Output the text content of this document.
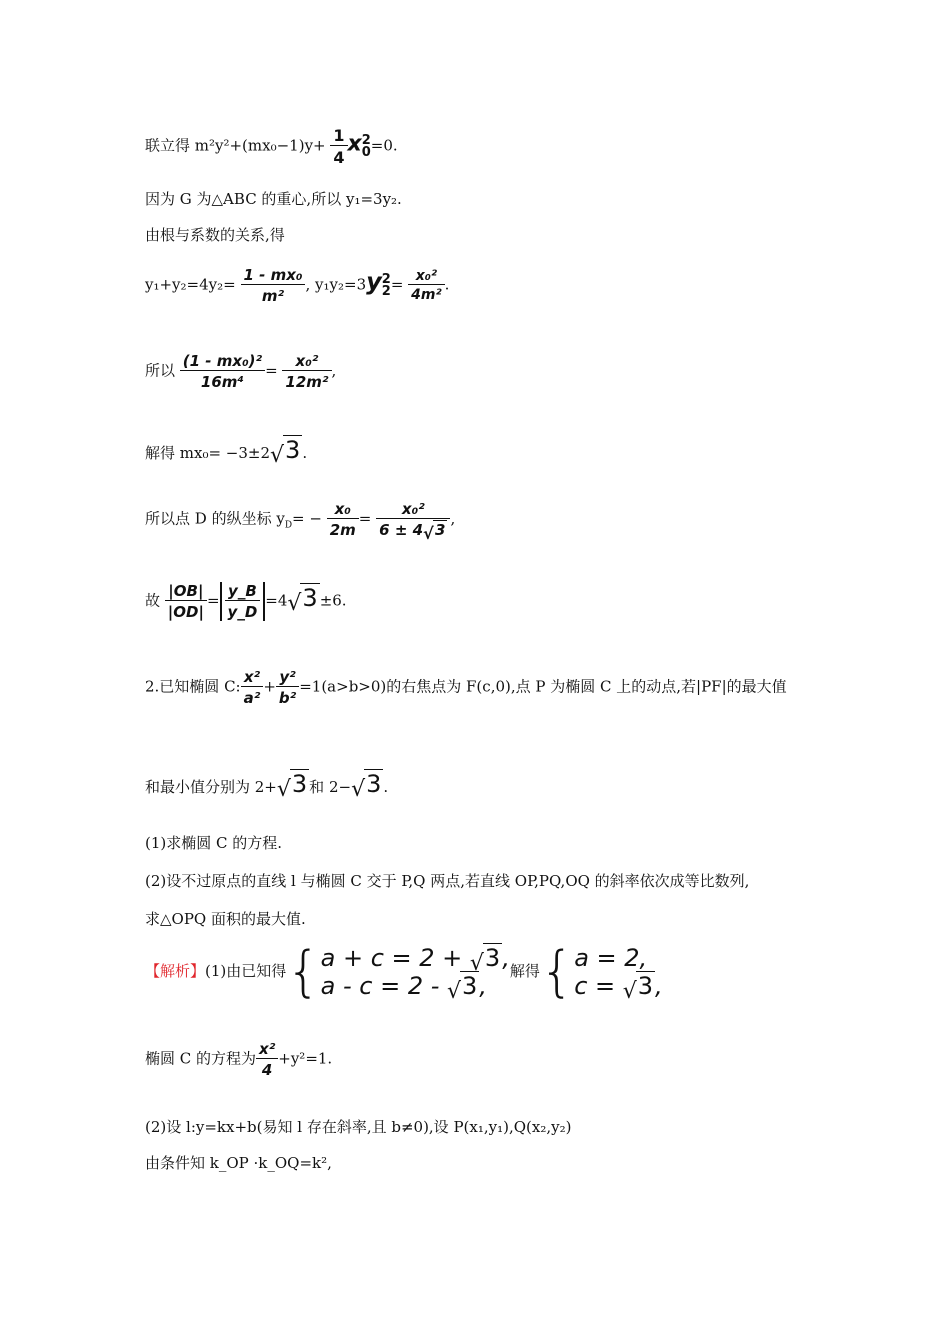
联立得 $m^2y^2+(mx_0-1)y+ \frac{1}{4}$ x 2
0 =0.
因为 G 为△ABC 的重心,所以 y₁=3y₂.
由根与系数的关系,得
$y_1+y_2=4y_2= \frac{\text{1 - mx₀}}{\text{m²}}$ , y₁y₂=3y 2
$2 = \frac{\text{x₀²}}{\text{4m²}}$ .
所以 $\frac{\text{(1 - mx₀)²}}{\text{16m⁴}} = \frac{\text{x₀²}}{\text{12m²}}$ ,
解得 mx₀= −3±2 √ 3 .
所以点 D 的纵坐标 $y_D= - \frac{\text{x₀}}{2m} = \frac{\text{x₀²}}{6 \pm 4 √ 3}$ ,
故 $\frac{|OB|}{|OD|} = \frac{y\_B}{y\_D} =4$ √ 3 ±6.
2.已知椭圆 C: $\frac{\text{x²}}{\text{a²}} + \frac{\text{y²}}{\text{b²}} =1(a>b>0)$的右焦点为 F(c,0),点 P 为椭圆 C 上的动点,若|PF|的最大值
和最小值分别为 2+ √ 3 和 2− √ 3 .
(1)求椭圆 C 的方程.
(2)设不过原点的直线 l 与椭圆 C 交于 P,Q 两点,若直线 OP,PQ,OQ 的斜率依次成等比数列,
求△OPQ 面积的最大值.
【解析】(1)由已知得{ a + c = 2 + √ 3,
a - c = 2 - √ 3,
解得{ a = 2,
c = √ 3,
椭圆 C 的方程为 $\frac{\text{x²}}{4} +y^2=1$.
(2)设 l:y=kx+b(易知 l 存在斜率,且 b≠0),设 P(x₁,y₁),Q(x₂,y₂)
由条件知 k_OP ·k_OQ=k²,
